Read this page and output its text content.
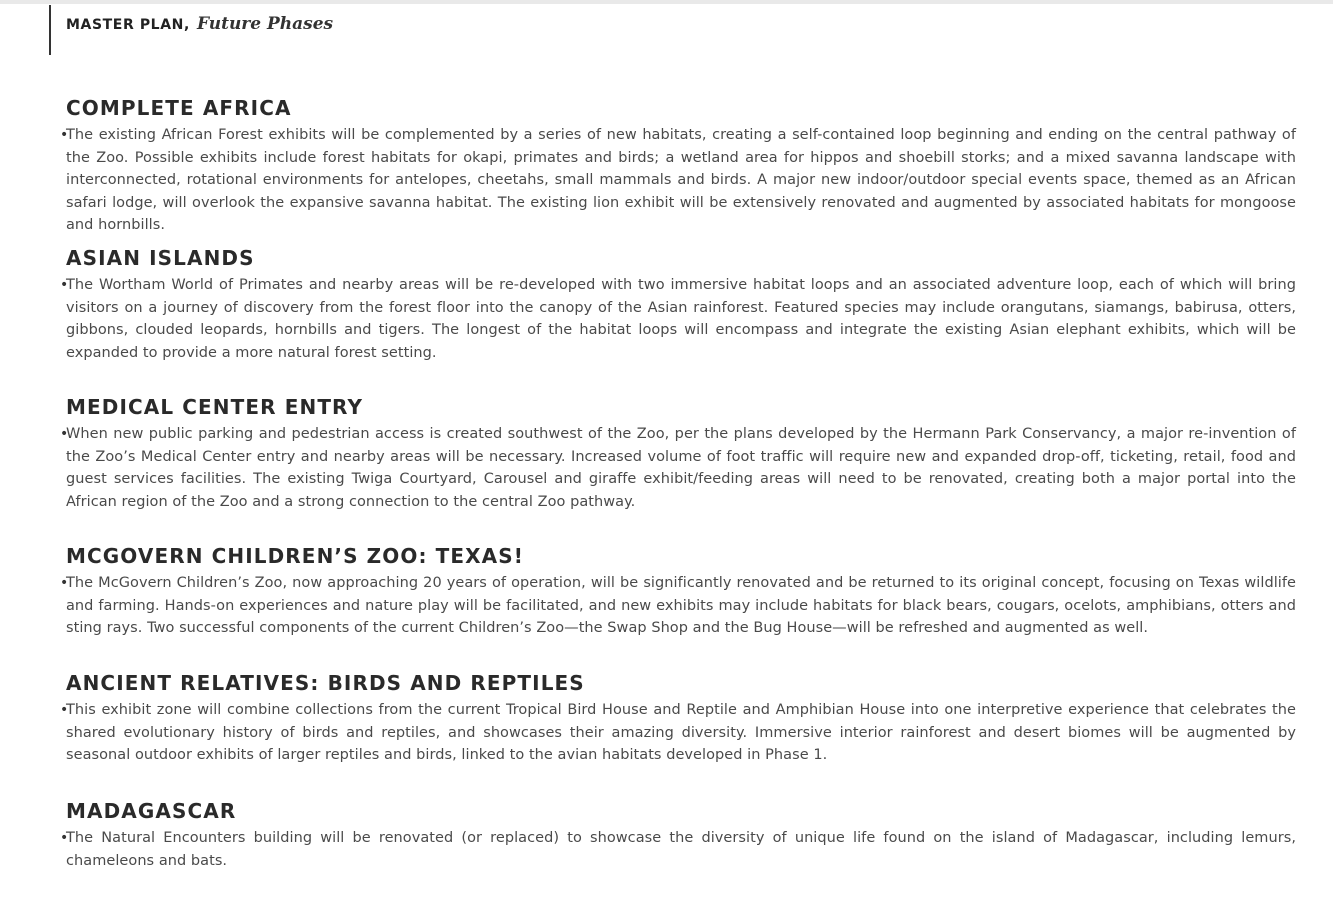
MASTER PLAN, Future Phases
COMPLETE AFRICA
•
The existing African Forest exhibits will be complemented by a series of new habitats, creating a self-contained loop beginning and ending on the central pathway of the Zoo. Possible exhibits include forest habitats for okapi, primates and birds; a wetland area for hippos and shoebill storks; and a mixed savanna landscape with interconnected, rotational environments for antelopes, cheetahs, small mammals and birds. A major new indoor/outdoor special events space, themed as an African safari lodge, will overlook the expansive savanna habitat. The existing lion exhibit will be extensively renovated and augmented by associated habitats for mongoose and hornbills.
ASIAN ISLANDS
•
The Wortham World of Primates and nearby areas will be re-developed with two immersive habitat loops and an associated adventure loop, each of which will bring visitors on a journey of discovery from the forest floor into the canopy of the Asian rainforest. Featured species may include orangutans, siamangs, babirusa, otters, gibbons, clouded leopards, hornbills and tigers. The longest of the habitat loops will encompass and integrate the existing Asian elephant exhibits, which will be expanded to provide a more natural forest setting.
MEDICAL CENTER ENTRY
•
When new public parking and pedestrian access is created southwest of the Zoo, per the plans developed by the Hermann Park Conservancy, a major re-invention of the Zoo’s Medical Center entry and nearby areas will be necessary. Increased volume of foot traffic will require new and expanded drop-off, ticketing, retail, food and guest services facilities. The existing Twiga Courtyard, Carousel and giraffe exhibit/feeding areas will need to be renovated, creating both a major portal into the African region of the Zoo and a strong connection to the central Zoo pathway.
MCGOVERN CHILDREN’S ZOO: TEXAS!
•
The McGovern Children’s Zoo, now approaching 20 years of operation, will be significantly renovated and be returned to its original concept, focusing on Texas wildlife and farming. Hands-on experiences and nature play will be facilitated, and new exhibits may include habitats for black bears, cougars, ocelots, amphibians, otters and sting rays. Two successful components of the current Children’s Zoo—the Swap Shop and the Bug House—will be refreshed and augmented as well.
ANCIENT RELATIVES: BIRDS AND REPTILES
•
This exhibit zone will combine collections from the current Tropical Bird House and Reptile and Amphibian House into one interpretive experience that celebrates the shared evolutionary history of birds and reptiles, and showcases their amazing diversity. Immersive interior rainforest and desert biomes will be augmented by seasonal outdoor exhibits of larger reptiles and birds, linked to the avian habitats developed in Phase 1.
MADAGASCAR
•
The Natural Encounters building will be renovated (or replaced) to showcase the diversity of unique life found on the island of Madagascar, including lemurs, chameleons and bats.
